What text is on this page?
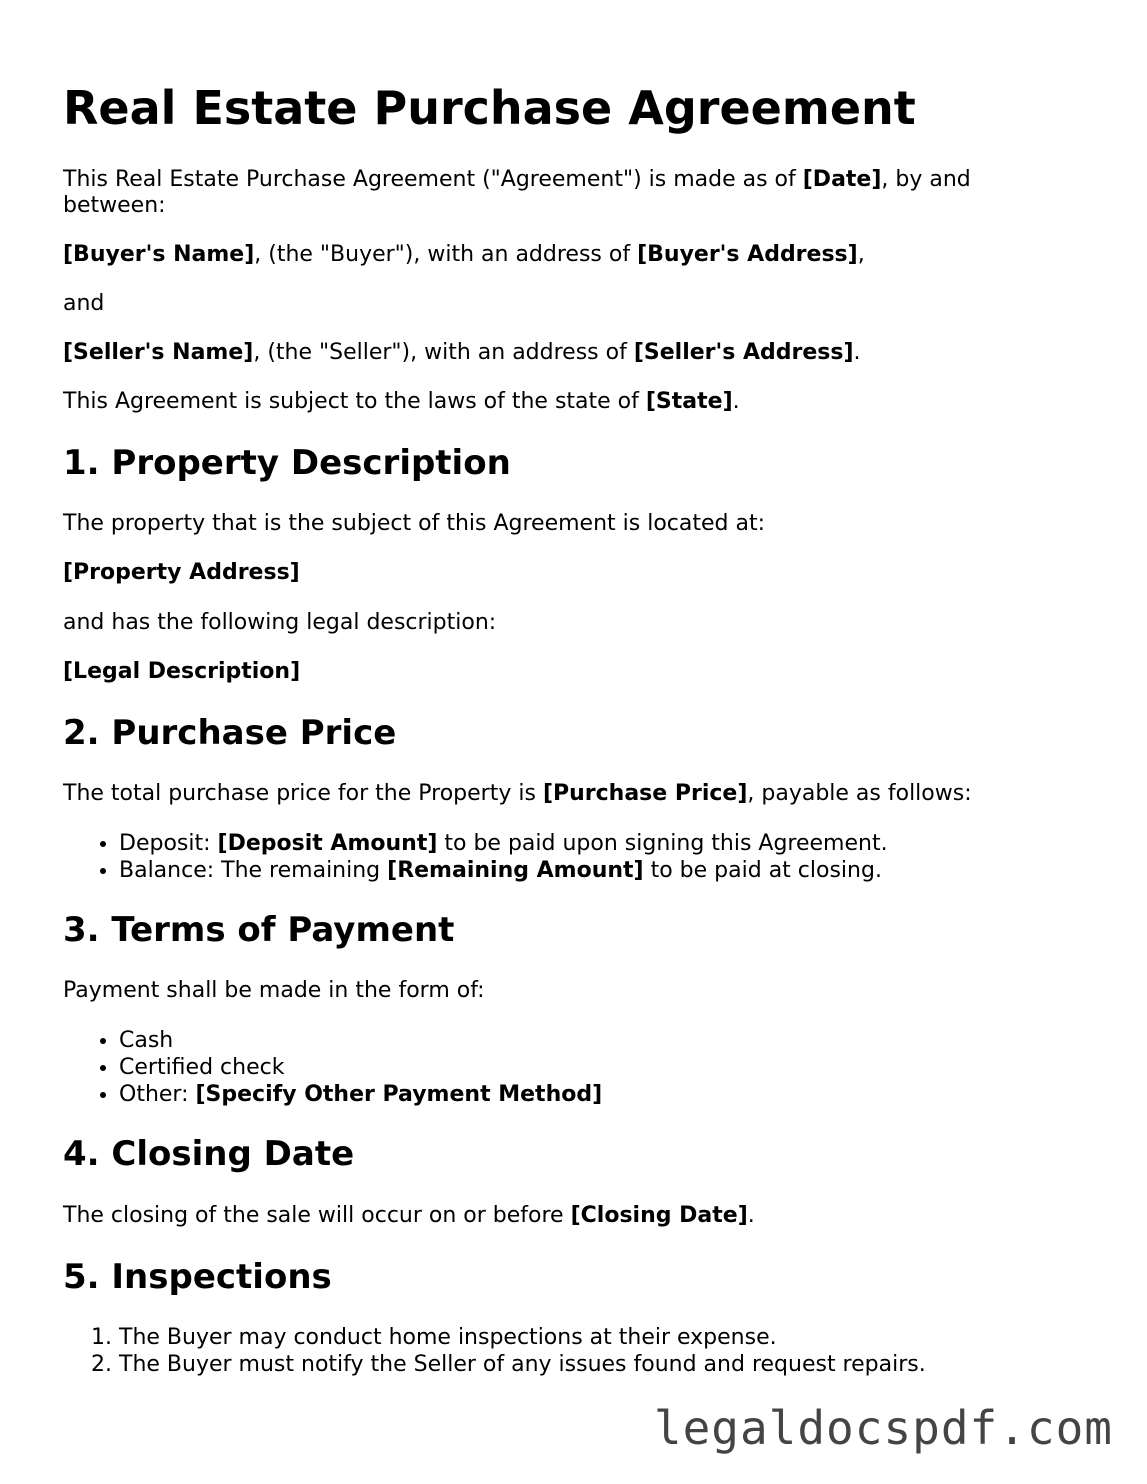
Real Estate Purchase Agreement

This Real Estate Purchase Agreement ("Agreement") is made as of [Date], by and between:

[Buyer's Name], (the "Buyer"), with an address of [Buyer's Address],

and

[Seller's Name], (the "Seller"), with an address of [Seller's Address].

This Agreement is subject to the laws of the state of [State].

1. Property Description

The property that is the subject of this Agreement is located at:

[Property Address]

and has the following legal description:

[Legal Description]

2. Purchase Price

The total purchase price for the Property is [Purchase Price], payable as follows:

• Deposit: [Deposit Amount] to be paid upon signing this Agreement.
• Balance: The remaining [Remaining Amount] to be paid at closing.
3. Terms of Payment

Payment shall be made in the form of:

• Cash
• Certified check
• Other: [Specify Other Payment Method]
4. Closing Date

The closing of the sale will occur on or before [Closing Date].

5. Inspections
1. The Buyer may conduct home inspections at their expense.
2. The Buyer must notify the Seller of any issues found and request repairs.
legaldocspdf.com
